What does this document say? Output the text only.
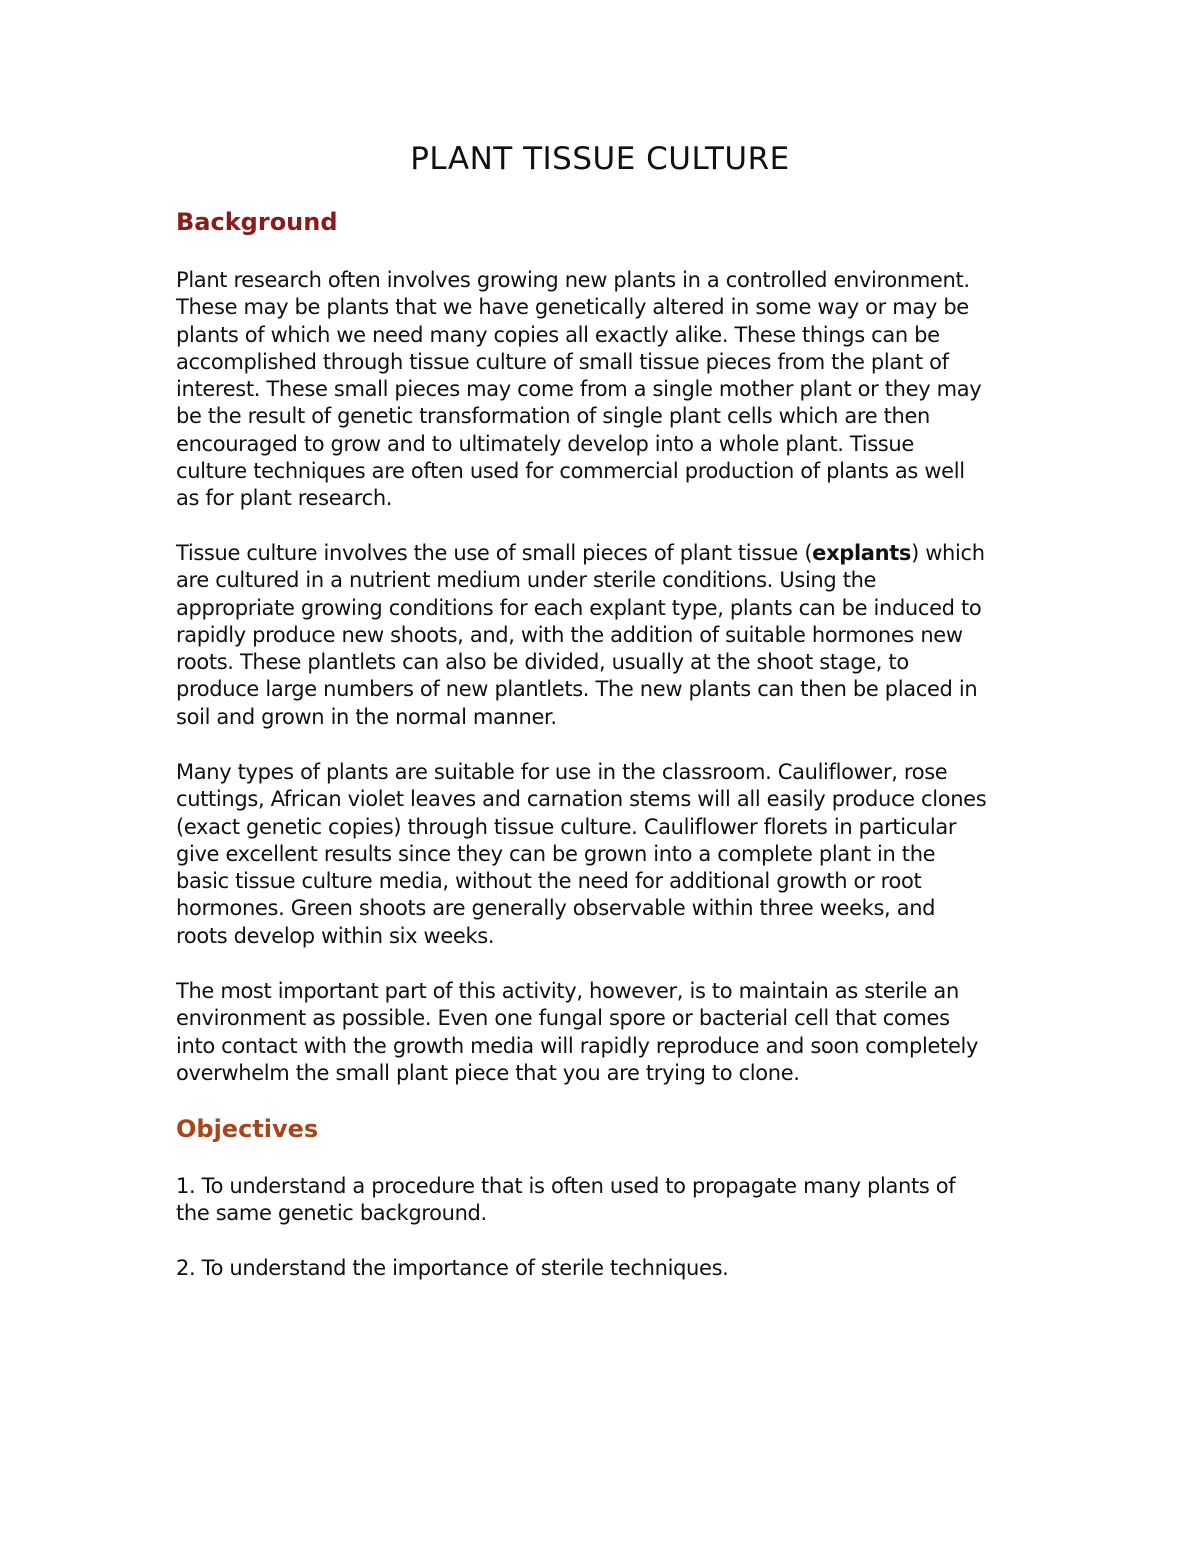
PLANT TISSUE CULTURE
Background

Plant research often involves growing new plants in a controlled environment.
These may be plants that we have genetically altered in some way or may be
plants of which we need many copies all exactly alike. These things can be
accomplished through tissue culture of small tissue pieces from the plant of
interest. These small pieces may come from a single mother plant or they may
be the result of genetic transformation of single plant cells which are then
encouraged to grow and to ultimately develop into a whole plant. Tissue
culture techniques are often used for commercial production of plants as well
as for plant research.

Tissue culture involves the use of small pieces of plant tissue (explants) which
are cultured in a nutrient medium under sterile conditions. Using the
appropriate growing conditions for each explant type, plants can be induced to
rapidly produce new shoots, and, with the addition of suitable hormones new
roots. These plantlets can also be divided, usually at the shoot stage, to
produce large numbers of new plantlets. The new plants can then be placed in
soil and grown in the normal manner.

Many types of plants are suitable for use in the classroom. Cauliflower, rose
cuttings, African violet leaves and carnation stems will all easily produce clones
(exact genetic copies) through tissue culture. Cauliflower florets in particular
give excellent results since they can be grown into a complete plant in the
basic tissue culture media, without the need for additional growth or root
hormones. Green shoots are generally observable within three weeks, and
roots develop within six weeks.

The most important part of this activity, however, is to maintain as sterile an
environment as possible. Even one fungal spore or bacterial cell that comes
into contact with the growth media will rapidly reproduce and soon completely
overwhelm the small plant piece that you are trying to clone.

Objectives

1. To understand a procedure that is often used to propagate many plants of
the same genetic background.

2. To understand the importance of sterile techniques.
